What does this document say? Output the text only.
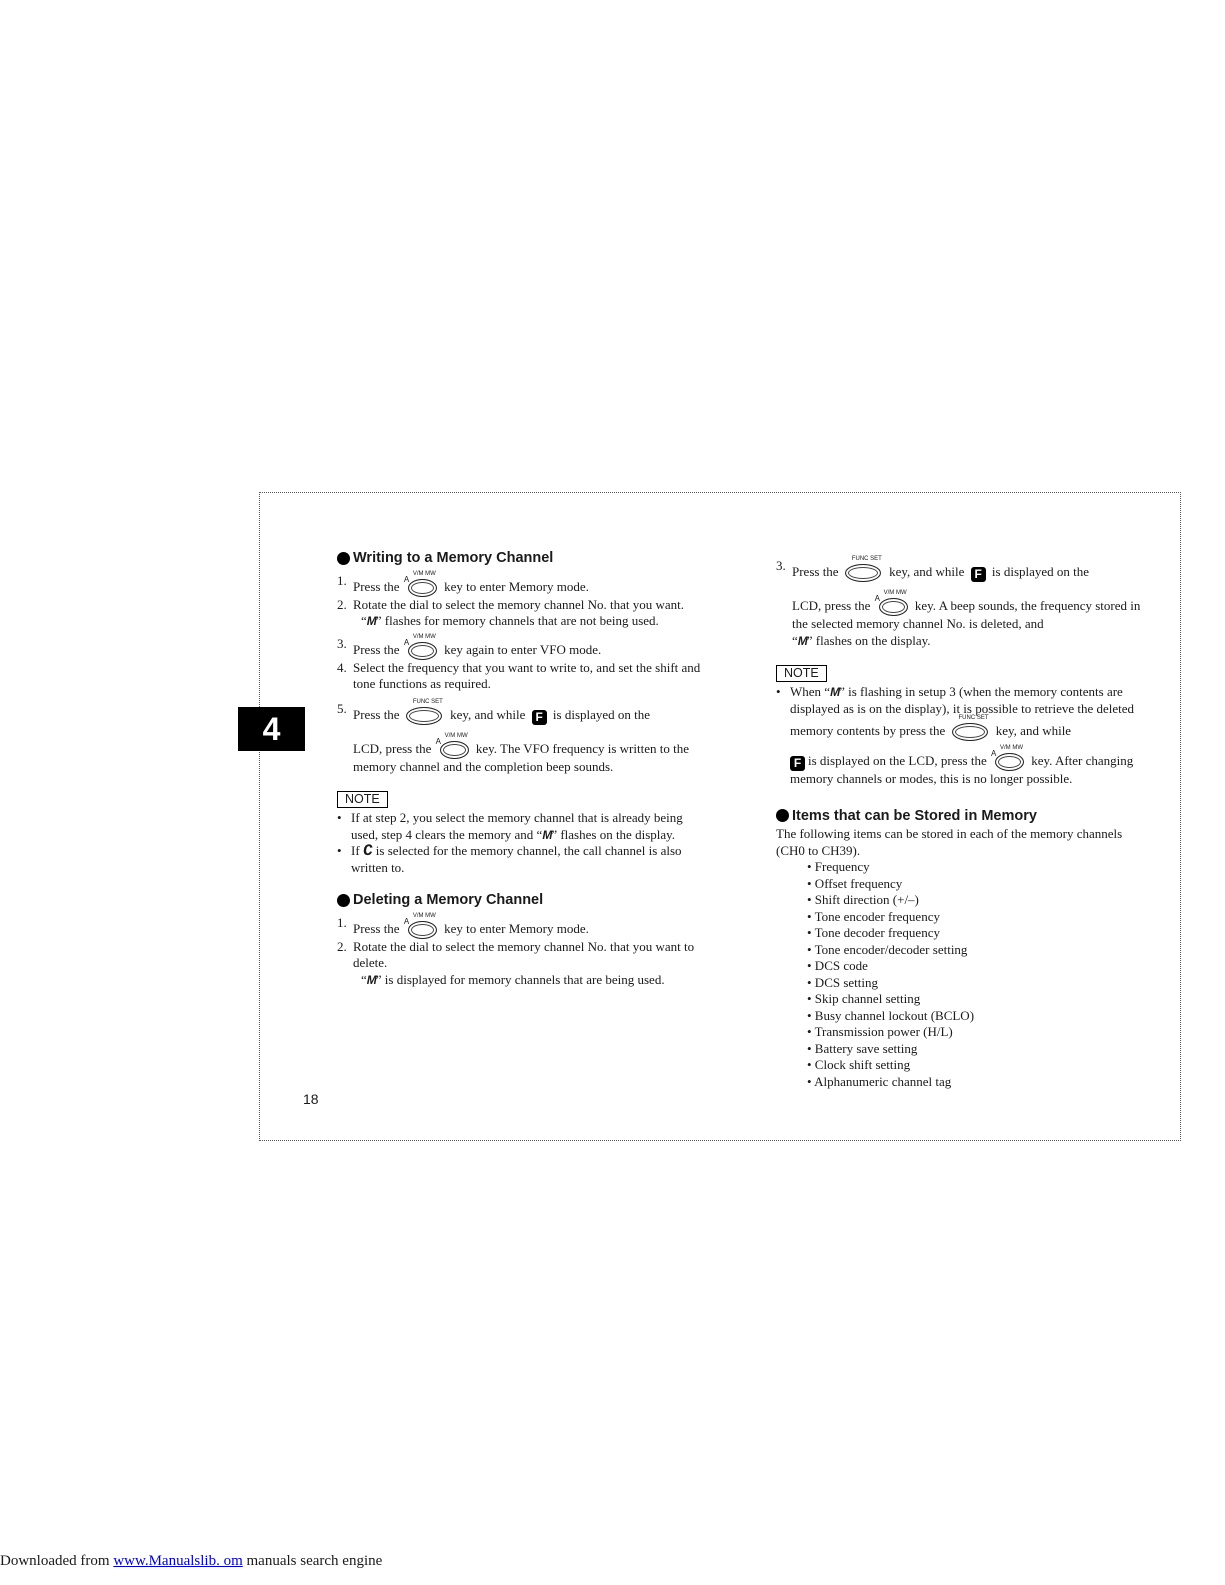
4
Writing to a Memory Channel
1. Press the
V/M MW
A	key to enter Memory mode.
2. Rotate the dial to select the memory channel No. that you want.
“M” flashes for memory channels that are not being used.
3. Press the
V/M MW
A	key again to enter VFO mode.
4. Select the frequency that you want to write to, and set the shift and tone functions as required.
5. Press the
FUNC SET
key, and while F is displayed on the
LCD, press the
V/M MW
A	key. The VFO frequency is written to the memory channel and the completion beep sounds.
NOTE
• If at step 2, you select the memory channel that is already being used, step 4 clears the memory and “M” flashes on the display.
• If C is selected for the memory channel, the call channel is also written to.
Deleting a Memory Channel
1. Press the
V/M MW
A	key to enter Memory mode.
2. Rotate the dial to select the memory channel No. that you want to delete.
“M” is displayed for memory channels that are being used.
3. Press the
FUNC SET
key, and while F is displayed on the
LCD, press the
V/M MW
A	key. A beep sounds, the frequency stored in the selected memory channel No. is deleted, and
“M” flashes on the display.
NOTE
• When “M” is flashing in setup 3 (when the memory contents are displayed as is on the display), it is possible to retrieve the deleted memory contents by press the
FUNC SET
key, and while
F is displayed on the LCD, press the
V/M MW
A	key. After changing memory channels or modes, this is no longer possible.
Items that can be Stored in Memory
The following items can be stored in each of the memory channels (CH0 to CH39).
• Frequency
• Offset frequency
• Shift direction (+/–)
• Tone encoder frequency
• Tone decoder frequency
• Tone encoder/decoder setting
• DCS code
• DCS setting
• Skip channel setting
• Busy channel lockout (BCLO)
• Transmission power (H/L)
• Battery save setting
• Clock shift setting
• Alphanumeric channel tag
18
Downloaded from www.Manualslib. om manuals search engine
